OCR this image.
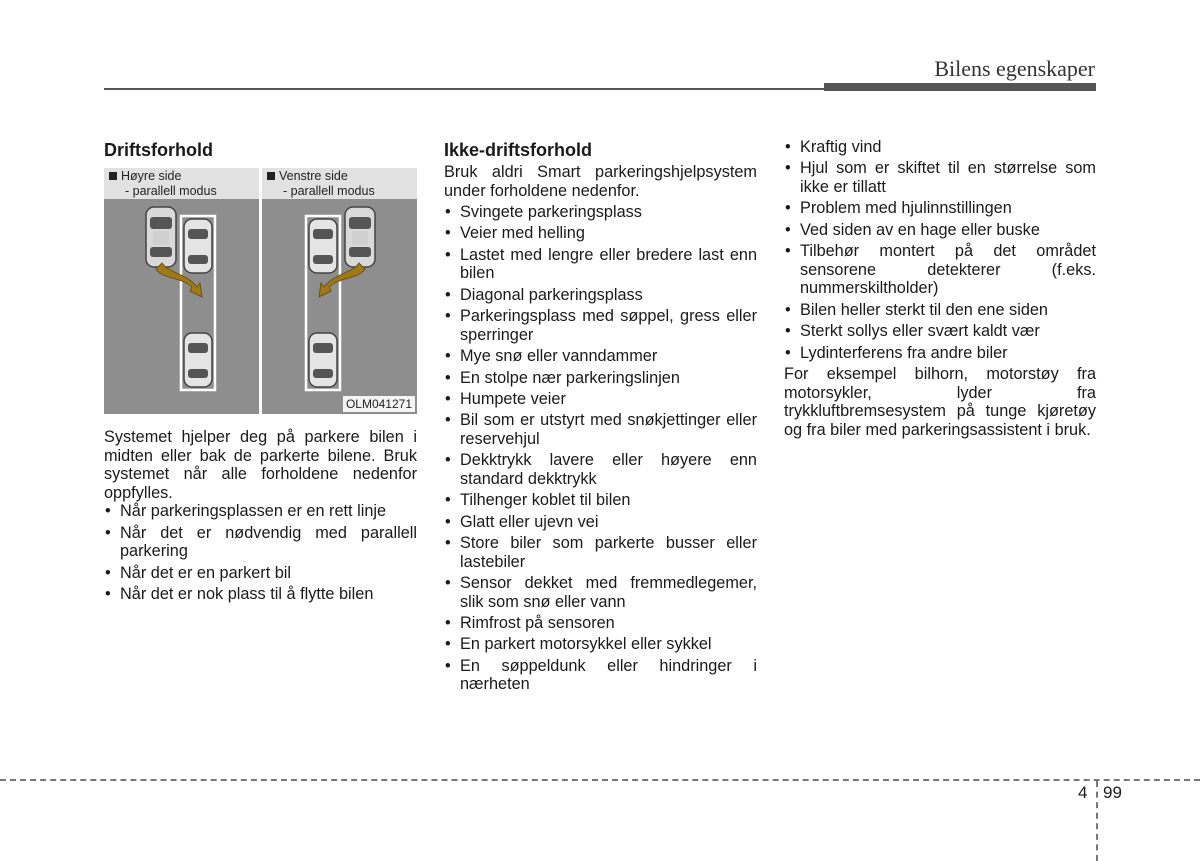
Bilens egenskaper
Driftsforhold
Høyre side
- parallell modus
Venstre side
- parallell modus
OLM041271

Systemet hjelper deg på parkere bilen i midten eller bak de parkerte bilene. Bruk systemet når alle forholdene nedenfor oppfylles.

• Når parkeringsplassen er en rett linje
• Når det er nødvendig med parallell parkering
• Når det er en parkert bil
• Når det er nok plass til å flytte bilen
Ikke-driftsforhold

Bruk aldri Smart parkeringshjelpsystem under forholdene nedenfor.

• Svingete parkeringsplass
• Veier med helling
• Lastet med lengre eller bredere last enn bilen
• Diagonal parkeringsplass
• Parkeringsplass med søppel, gress eller sperringer
• Mye snø eller vanndammer
• En stolpe nær parkeringslinjen
• Humpete veier
• Bil som er utstyrt med snøkjettinger eller reservehjul
• Dekktrykk lavere eller høyere enn standard dekktrykk
• Tilhenger koblet til bilen
• Glatt eller ujevn vei
• Store biler som parkerte busser eller lastebiler
• Sensor dekket med fremmedlegemer, slik som snø eller vann
• Rimfrost på sensoren
• En parkert motorsykkel eller sykkel
• En søppeldunk eller hindringer i nærheten
• Kraftig vind
• Hjul som er skiftet til en størrelse som ikke er tillatt
• Problem med hjulinnstillingen
• Ved siden av en hage eller buske
• Tilbehør montert på det området sensorene detekterer (f.eks. nummerskiltholder)
• Bilen heller sterkt til den ene siden
• Sterkt sollys eller svært kaldt vær
• Lydinterferens fra andre biler

For eksempel bilhorn, motorstøy fra motorsykler, lyder fra trykkluftbremsesystem på tunge kjøretøy og fra biler med parkeringsassistent i bruk.

4 99
